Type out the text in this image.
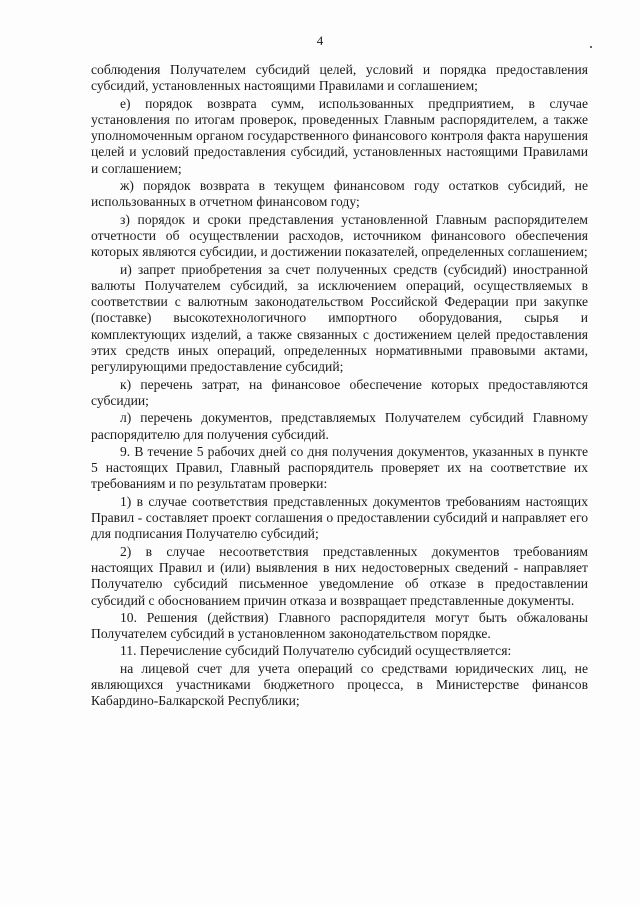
4

соблюдения Получателем субсидий целей, условий и порядка предоставления субсидий, установленных настоящими Правилами и соглашением;

е) порядок возврата сумм, использованных предприятием, в случае установления по итогам проверок, проведенных Главным распорядителем, а также уполномоченным органом государственного финансового контроля факта нарушения целей и условий предоставления субсидий, установленных настоящими Правилами и соглашением;

ж) порядок возврата в текущем финансовом году остатков субсидий, не использованных в отчетном финансовом году;

з) порядок и сроки представления установленной Главным распорядителем отчетности об осуществлении расходов, источником финансового обеспечения которых являются субсидии, и достижении показателей, определенных соглашением;

и) запрет приобретения за счет полученных средств (субсидий) иностранной валюты Получателем субсидий, за исключением операций, осуществляемых в соответствии с валютным законодательством Российской Федерации при закупке (поставке) высокотехнологичного импортного оборудования, сырья и комплектующих изделий, а также связанных с достижением целей предоставления этих средств иных операций, определенных нормативными правовыми актами, регулирующими предоставление субсидий;

к) перечень затрат, на финансовое обеспечение которых предоставляются субсидии;

л) перечень документов, представляемых Получателем субсидий Главному распорядителю для получения субсидий.

9. В течение 5 рабочих дней со дня получения документов, указанных в пункте 5 настоящих Правил, Главный распорядитель проверяет их на соответствие их требованиям и по результатам проверки:

1) в случае соответствия представленных документов требованиям настоящих Правил - составляет проект соглашения о предоставлении субсидий и направляет его для подписания Получателю субсидий;

2) в случае несоответствия представленных документов требованиям настоящих Правил и (или) выявления в них недостоверных сведений - направляет Получателю субсидий письменное уведомление об отказе в предоставлении субсидий с обоснованием причин отказа и возвращает представленные документы.

10. Решения (действия) Главного распорядителя могут быть обжалованы Получателем субсидий в установленном законодательством порядке.

11. Перечисление субсидий Получателю субсидий осуществляется:

на лицевой счет для учета операций со средствами юридических лиц, не являющихся участниками бюджетного процесса, в Министерстве финансов Кабардино-Балкарской Республики;
